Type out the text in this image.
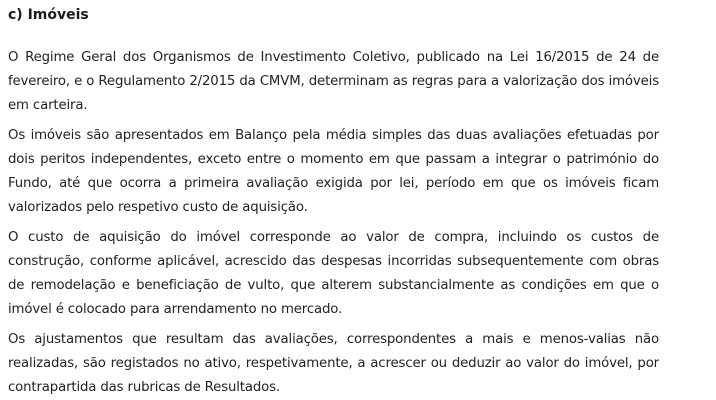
c) Imóveis

O Regime Geral dos Organismos de Investimento Coletivo, publicado na Lei 16/2015 de 24 de fevereiro, e o Regulamento 2/2015 da CMVM, determinam as regras para a valorização dos imóveis em carteira.

Os imóveis são apresentados em Balanço pela média simples das duas avaliações efetuadas por dois peritos independentes, exceto entre o momento em que passam a integrar o património do Fundo, até que ocorra a primeira avaliação exigida por lei, período em que os imóveis ficam valorizados pelo respetivo custo de aquisição.

O custo de aquisição do imóvel corresponde ao valor de compra, incluindo os custos de construção, conforme aplicável, acrescido das despesas incorridas subsequentemente com obras de remodelação e beneficiação de vulto, que alterem substancialmente as condições em que o imóvel é colocado para arrendamento no mercado.

Os ajustamentos que resultam das avaliações, correspondentes a mais e menos-valias não realizadas, são registados no ativo, respetivamente, a acrescer ou deduzir ao valor do imóvel, por contrapartida das rubricas de Resultados.
